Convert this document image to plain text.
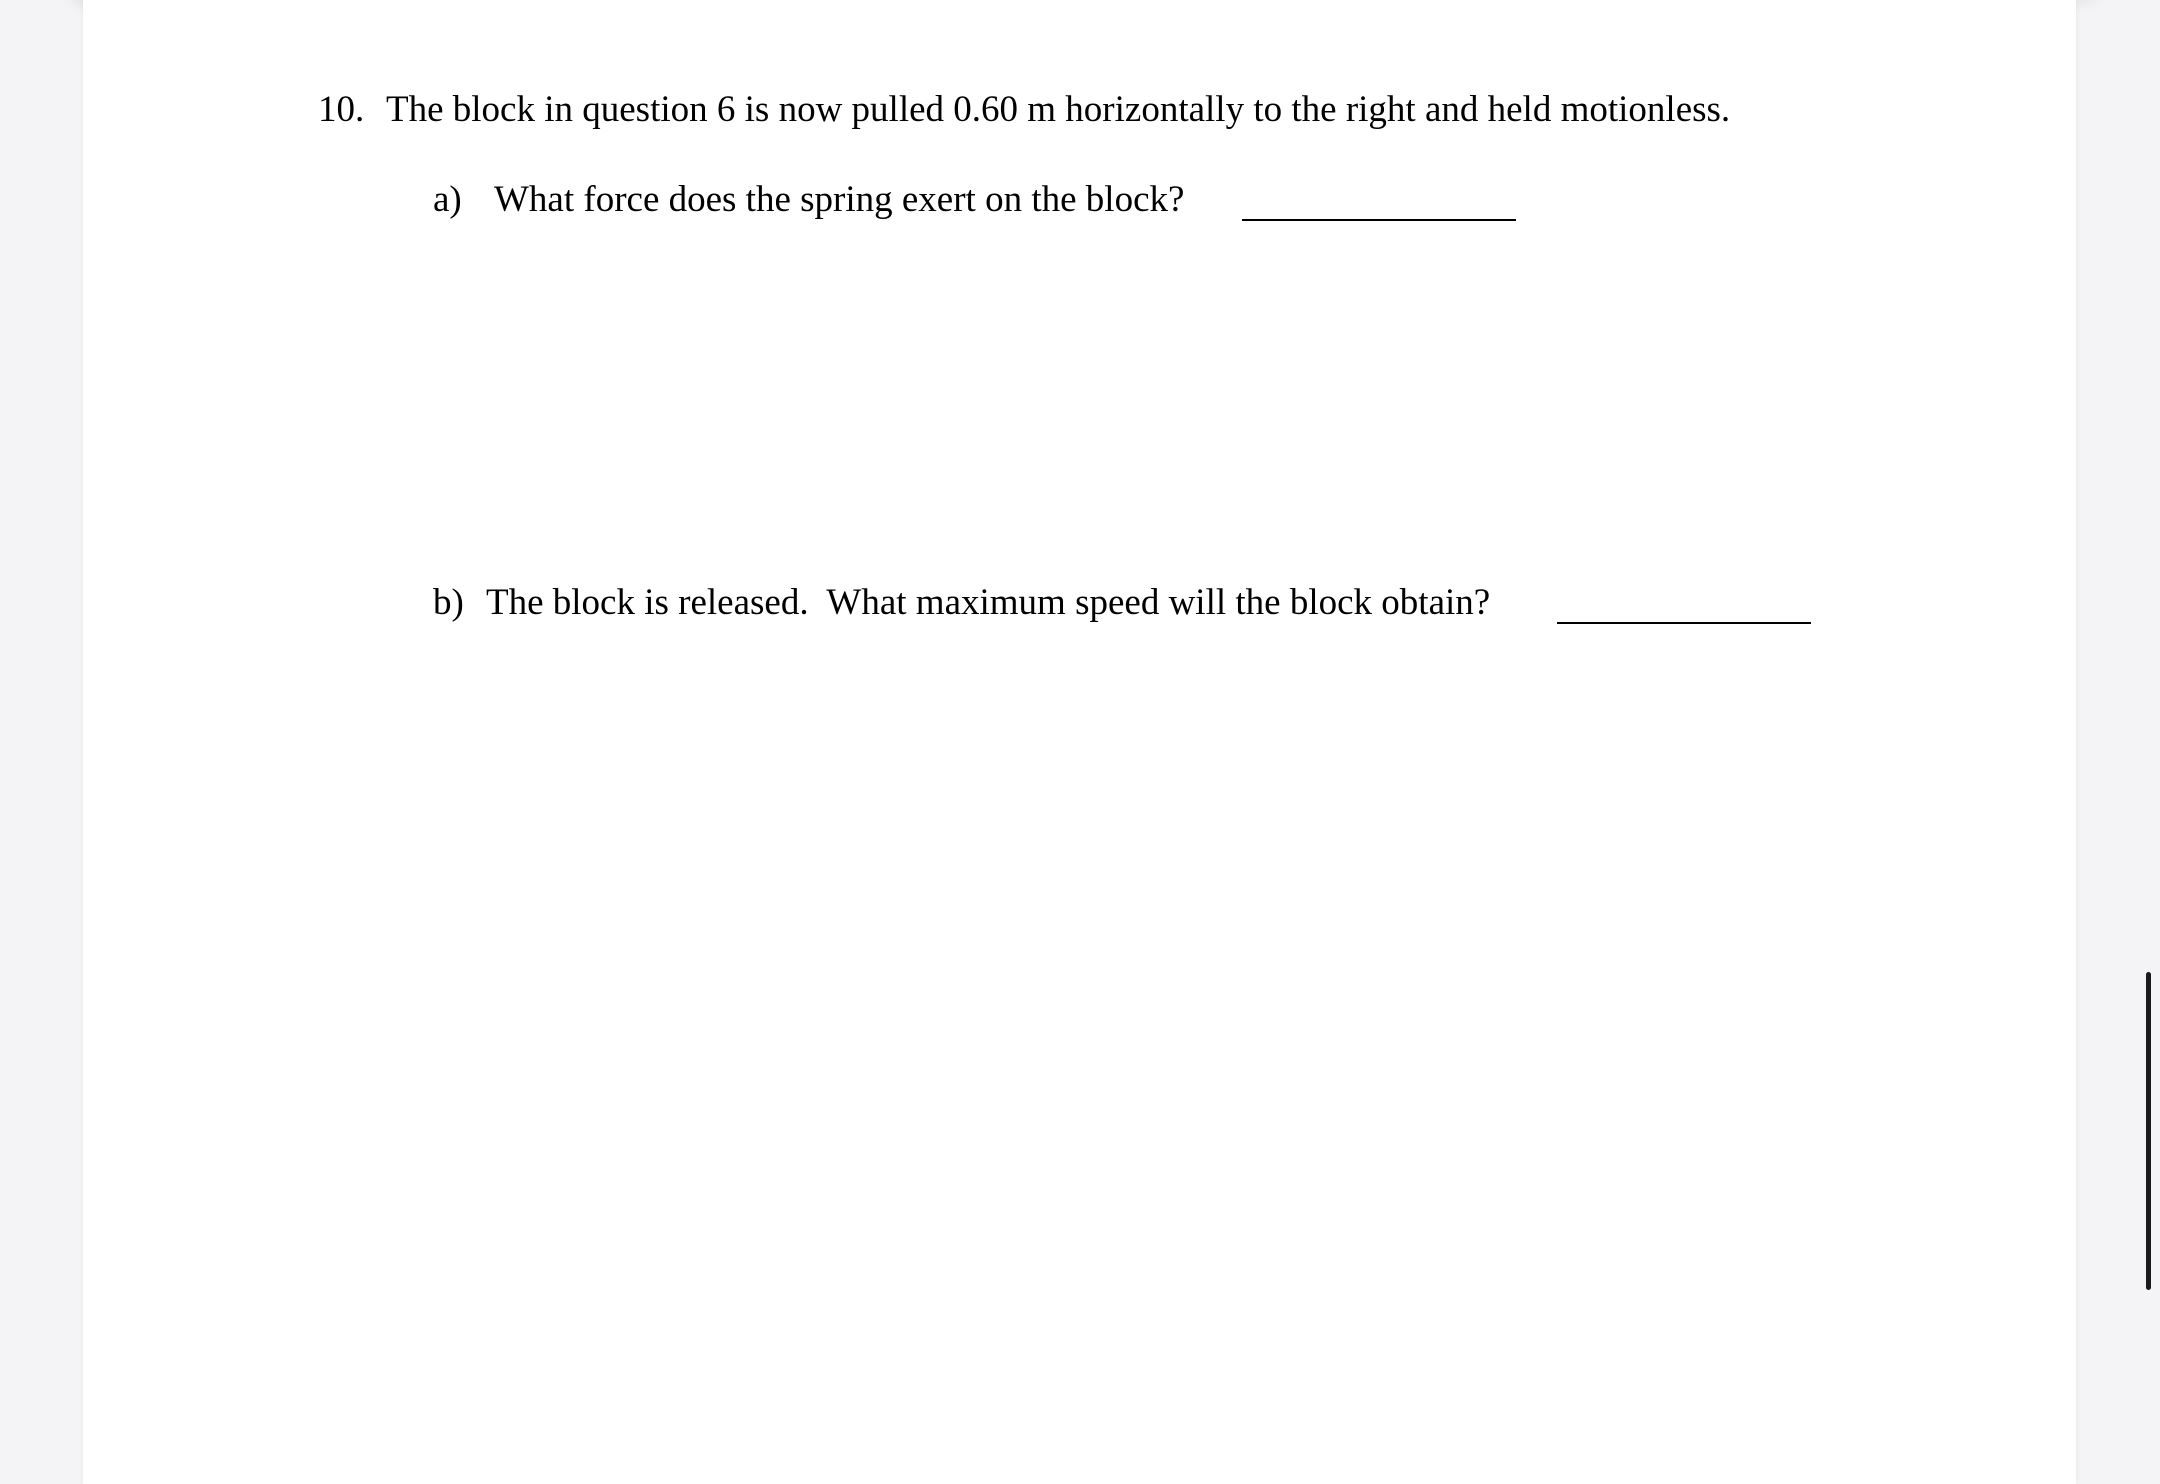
10. The block in question 6 is now pulled 0.60 m horizontally to the right and held motionless.
a) What force does the spring exert on the block?
b) The block is released.  What maximum speed will the block obtain?
